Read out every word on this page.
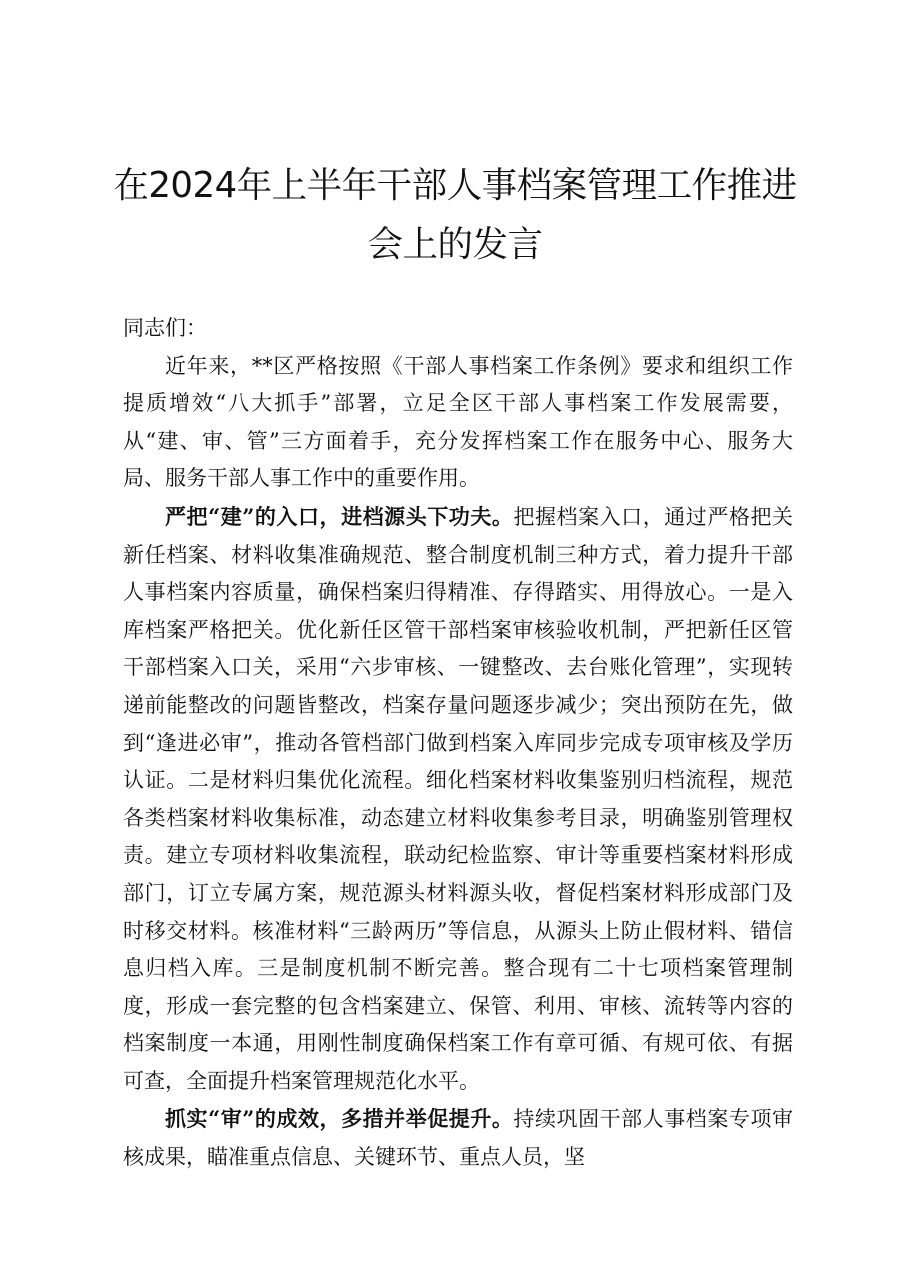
在2024年上半年干部人事档案管理工作推进
会上的发言

同志们：

近年来，**区严格按照《干部人事档案工作条例》要求和组织工作提质增效“八大抓手”部署，立足全区干部人事档案工作发展需要，从“建、审、管”三方面着手，充分发挥档案工作在服务中心、服务大局、服务干部人事工作中的重要作用。

严把“建”的入口，进档源头下功夫。把握档案入口，通过严格把关新任档案、材料收集准确规范、整合制度机制三种方式，着力提升干部人事档案内容质量，确保档案归得精准、存得踏实、用得放心。一是入库档案严格把关。优化新任区管干部档案审核验收机制，严把新任区管干部档案入口关，采用“六步审核、一键整改、去台账化管理”，实现转递前能整改的问题皆整改，档案存量问题逐步减少；突出预防在先，做到“逢进必审”，推动各管档部门做到档案入库同步完成专项审核及学历认证。二是材料归集优化流程。细化档案材料收集鉴别归档流程，规范各类档案材料收集标准，动态建立材料收集参考目录，明确鉴别管理权责。建立专项材料收集流程，联动纪检监察、审计等重要档案材料形成部门，订立专属方案，规范源头材料源头收，督促档案材料形成部门及时移交材料。核准材料“三龄两历”等信息，从源头上防止假材料、错信息归档入库。三是制度机制不断完善。整合现有二十七项档案管理制度，形成一套完整的包含档案建立、保管、利用、审核、流转等内容的档案制度一本通，用刚性制度确保档案工作有章可循、有规可依、有据可查，全面提升档案管理规范化水平。

抓实“审”的成效，多措并举促提升。持续巩固干部人事档案专项审核成果，瞄准重点信息、关键环节、重点人员，坚
